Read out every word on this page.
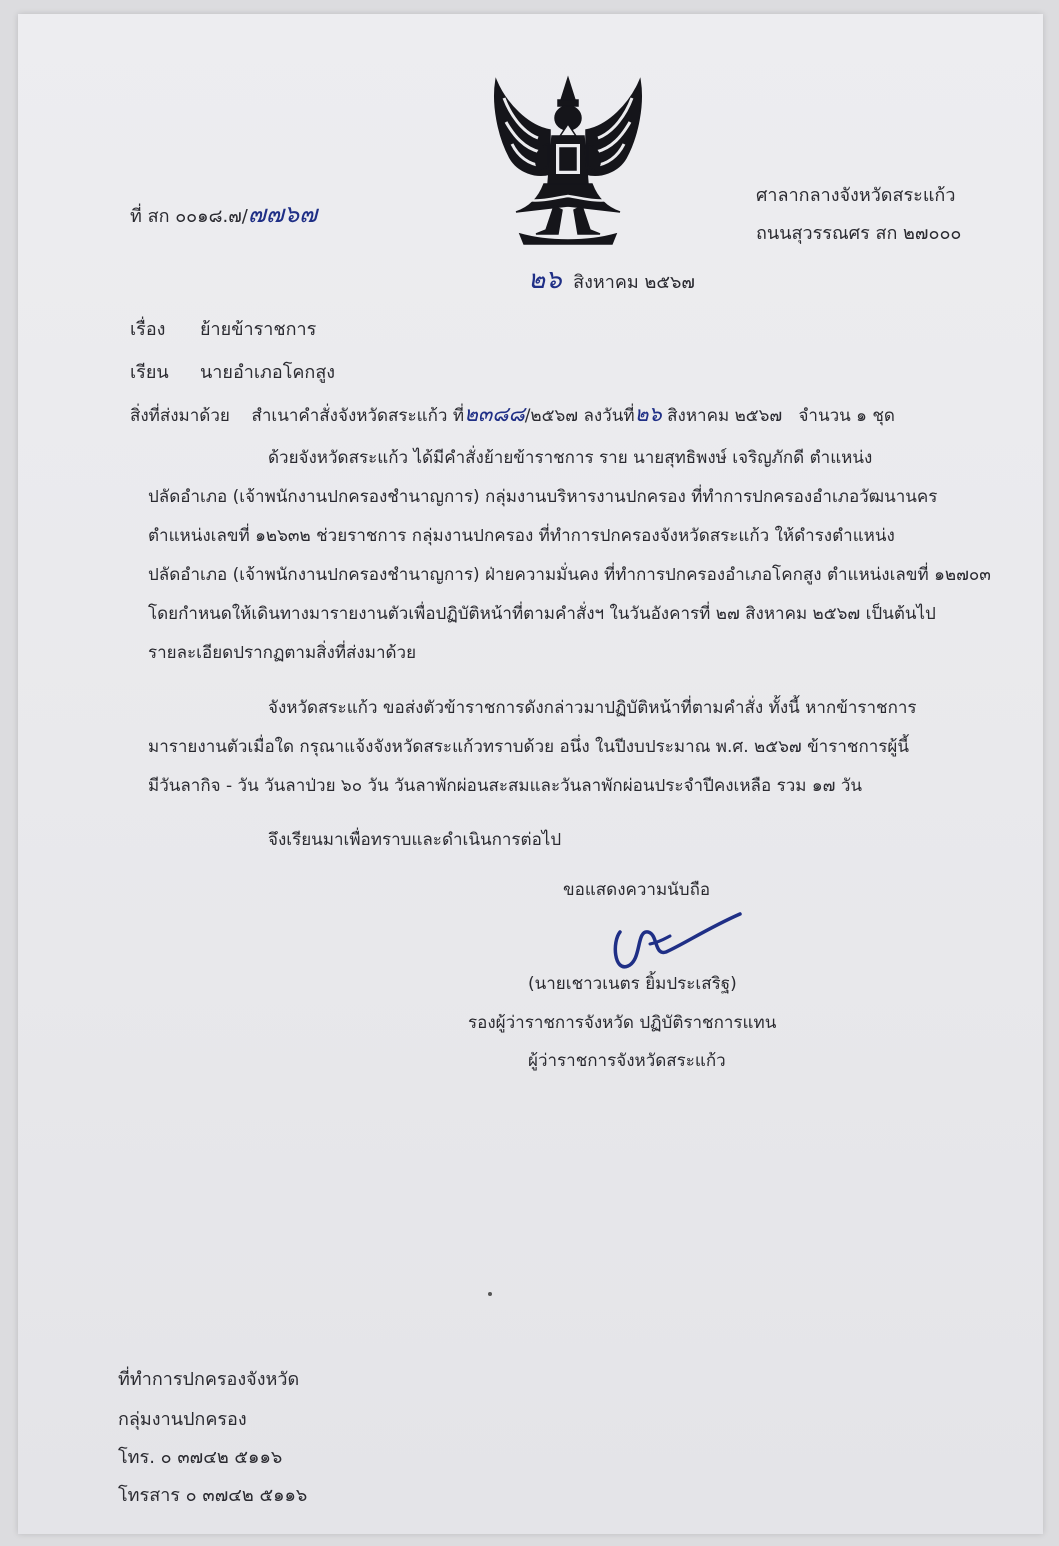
ที่ สก ๐๐๑๘.๗/๗๗๖๗
ศาลากลางจังหวัดสระแก้ว
ถนนสุวรรณศร สก ๒๗๐๐๐
๒๖ สิงหาคม ๒๕๖๗
เรื่อง ย้ายข้าราชการ
เรียน นายอำเภอโคกสูง
สิ่งที่ส่งมาด้วย สำเนาคำสั่งจังหวัดสระแก้ว ที่๒๓๘๘/๒๕๖๗ ลงวันที่๒๖ สิงหาคม ๒๕๖๗ จำนวน ๑ ชุด
ด้วยจังหวัดสระแก้ว ได้มีคำสั่งย้ายข้าราชการ ราย นายสุทธิพงษ์ เจริญภักดี ตำแหน่ง
ปลัดอำเภอ (เจ้าพนักงานปกครองชำนาญการ) กลุ่มงานบริหารงานปกครอง ที่ทำการปกครองอำเภอวัฒนานคร
ตำแหน่งเลขที่ ๑๒๖๓๒ ช่วยราชการ กลุ่มงานปกครอง ที่ทำการปกครองจังหวัดสระแก้ว ให้ดำรงตำแหน่ง
ปลัดอำเภอ (เจ้าพนักงานปกครองชำนาญการ) ฝ่ายความมั่นคง ที่ทำการปกครองอำเภอโคกสูง ตำแหน่งเลขที่ ๑๒๗๐๓
โดยกำหนดให้เดินทางมารายงานตัวเพื่อปฏิบัติหน้าที่ตามคำสั่งฯ ในวันอังคารที่ ๒๗ สิงหาคม ๒๕๖๗ เป็นต้นไป
รายละเอียดปรากฏตามสิ่งที่ส่งมาด้วย
จังหวัดสระแก้ว ขอส่งตัวข้าราชการดังกล่าวมาปฏิบัติหน้าที่ตามคำสั่ง ทั้งนี้ หากข้าราชการ
มารายงานตัวเมื่อใด กรุณาแจ้งจังหวัดสระแก้วทราบด้วย อนึ่ง ในปีงบประมาณ พ.ศ. ๒๕๖๗ ข้าราชการผู้นี้
มีวันลากิจ - วัน วันลาป่วย ๖๐ วัน วันลาพักผ่อนสะสมและวันลาพักผ่อนประจำปีคงเหลือ รวม ๑๗ วัน
จึงเรียนมาเพื่อทราบและดำเนินการต่อไป
ขอแสดงความนับถือ
(นายเชาวเนตร ยิ้มประเสริฐ)
รองผู้ว่าราชการจังหวัด ปฏิบัติราชการแทน
ผู้ว่าราชการจังหวัดสระแก้ว
ที่ทำการปกครองจังหวัด
กลุ่มงานปกครอง
โทร. ๐ ๓๗๔๒ ๕๑๑๖
โทรสาร ๐ ๓๗๔๒ ๕๑๑๖
